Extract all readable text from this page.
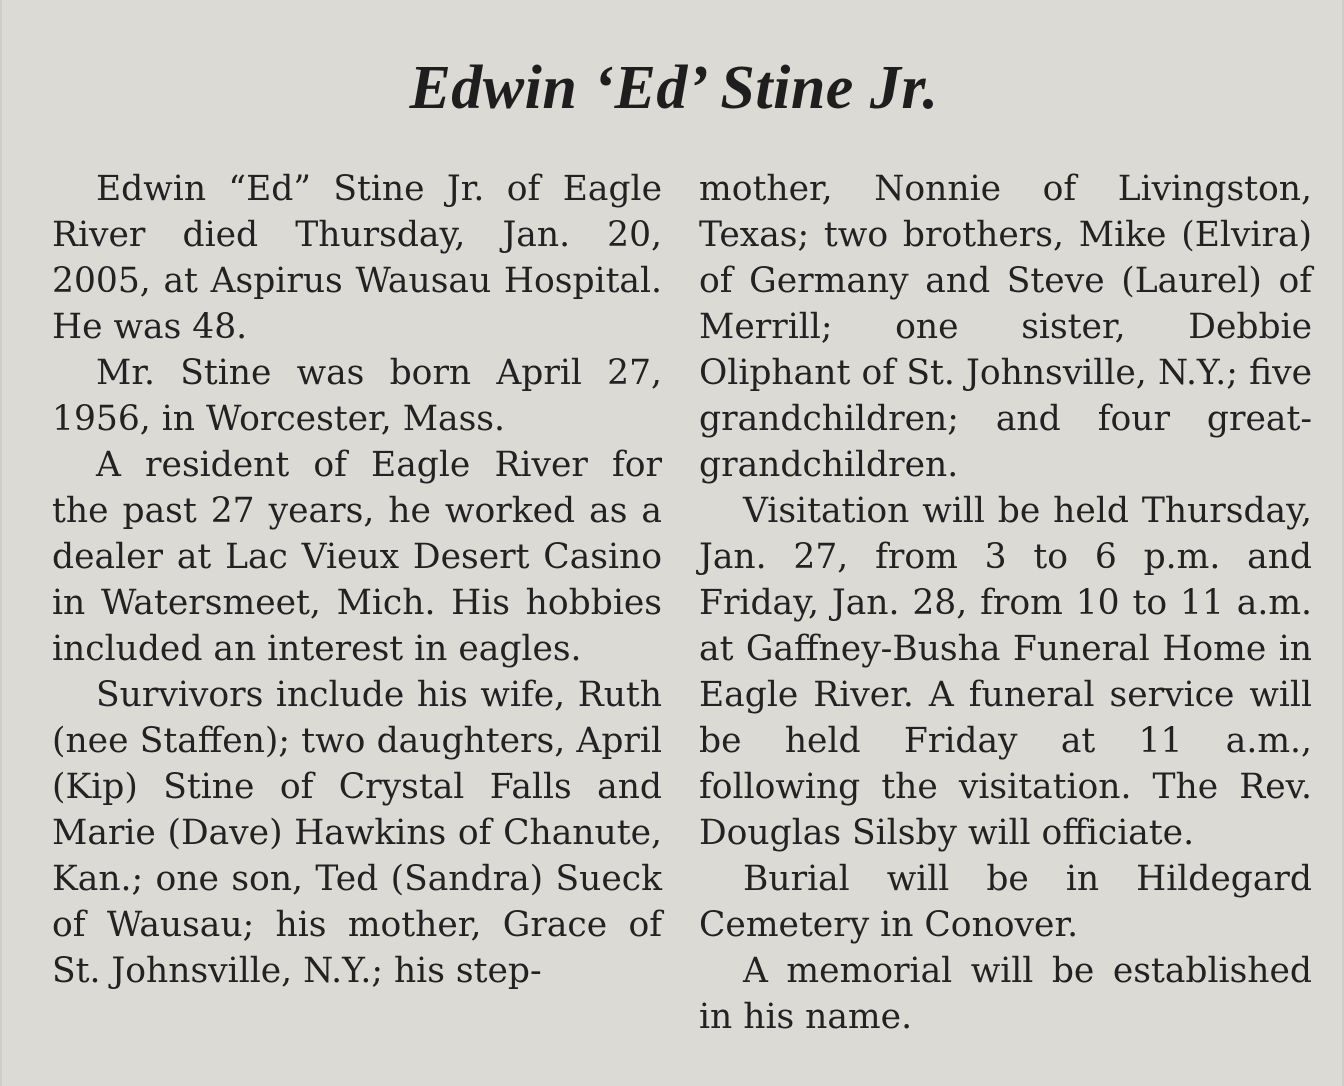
Edwin ‘Ed’ Stine Jr.

Edwin “Ed” Stine Jr. of Eagle River died Thursday, Jan. 20, 2005, at Aspirus Wausau Hospital. He was 48.

Mr. Stine was born April 27, 1956, in Worcester, Mass.

A resident of Eagle River for the past 27 years, he worked as a dealer at Lac Vieux Desert Casino in Watersmeet, Mich. His hobbies included an interest in eagles.

Survivors include his wife, Ruth (nee Staffen); two daughters, April (Kip) Stine of Crystal Falls and Marie (Dave) Hawkins of Chanute, Kan.; one son, Ted (Sandra) Sueck of Wausau; his mother, Grace of St. Johnsville, N.Y.; his step-

mother, Nonnie of Livingston, Texas; two brothers, Mike (Elvira) of Germany and Steve (Laurel) of Merrill; one sister, Debbie Oliphant of St. Johnsville, N.Y.; five grandchildren; and four great-grandchildren.

Visitation will be held Thursday, Jan. 27, from 3 to 6 p.m. and Friday, Jan. 28, from 10 to 11 a.m. at Gaffney-Busha Funeral Home in Eagle River. A funeral service will be held Friday at 11 a.m., following the visitation. The Rev. Douglas Silsby will officiate.

Burial will be in Hildegard Cemetery in Conover.

A memorial will be established in his name.
